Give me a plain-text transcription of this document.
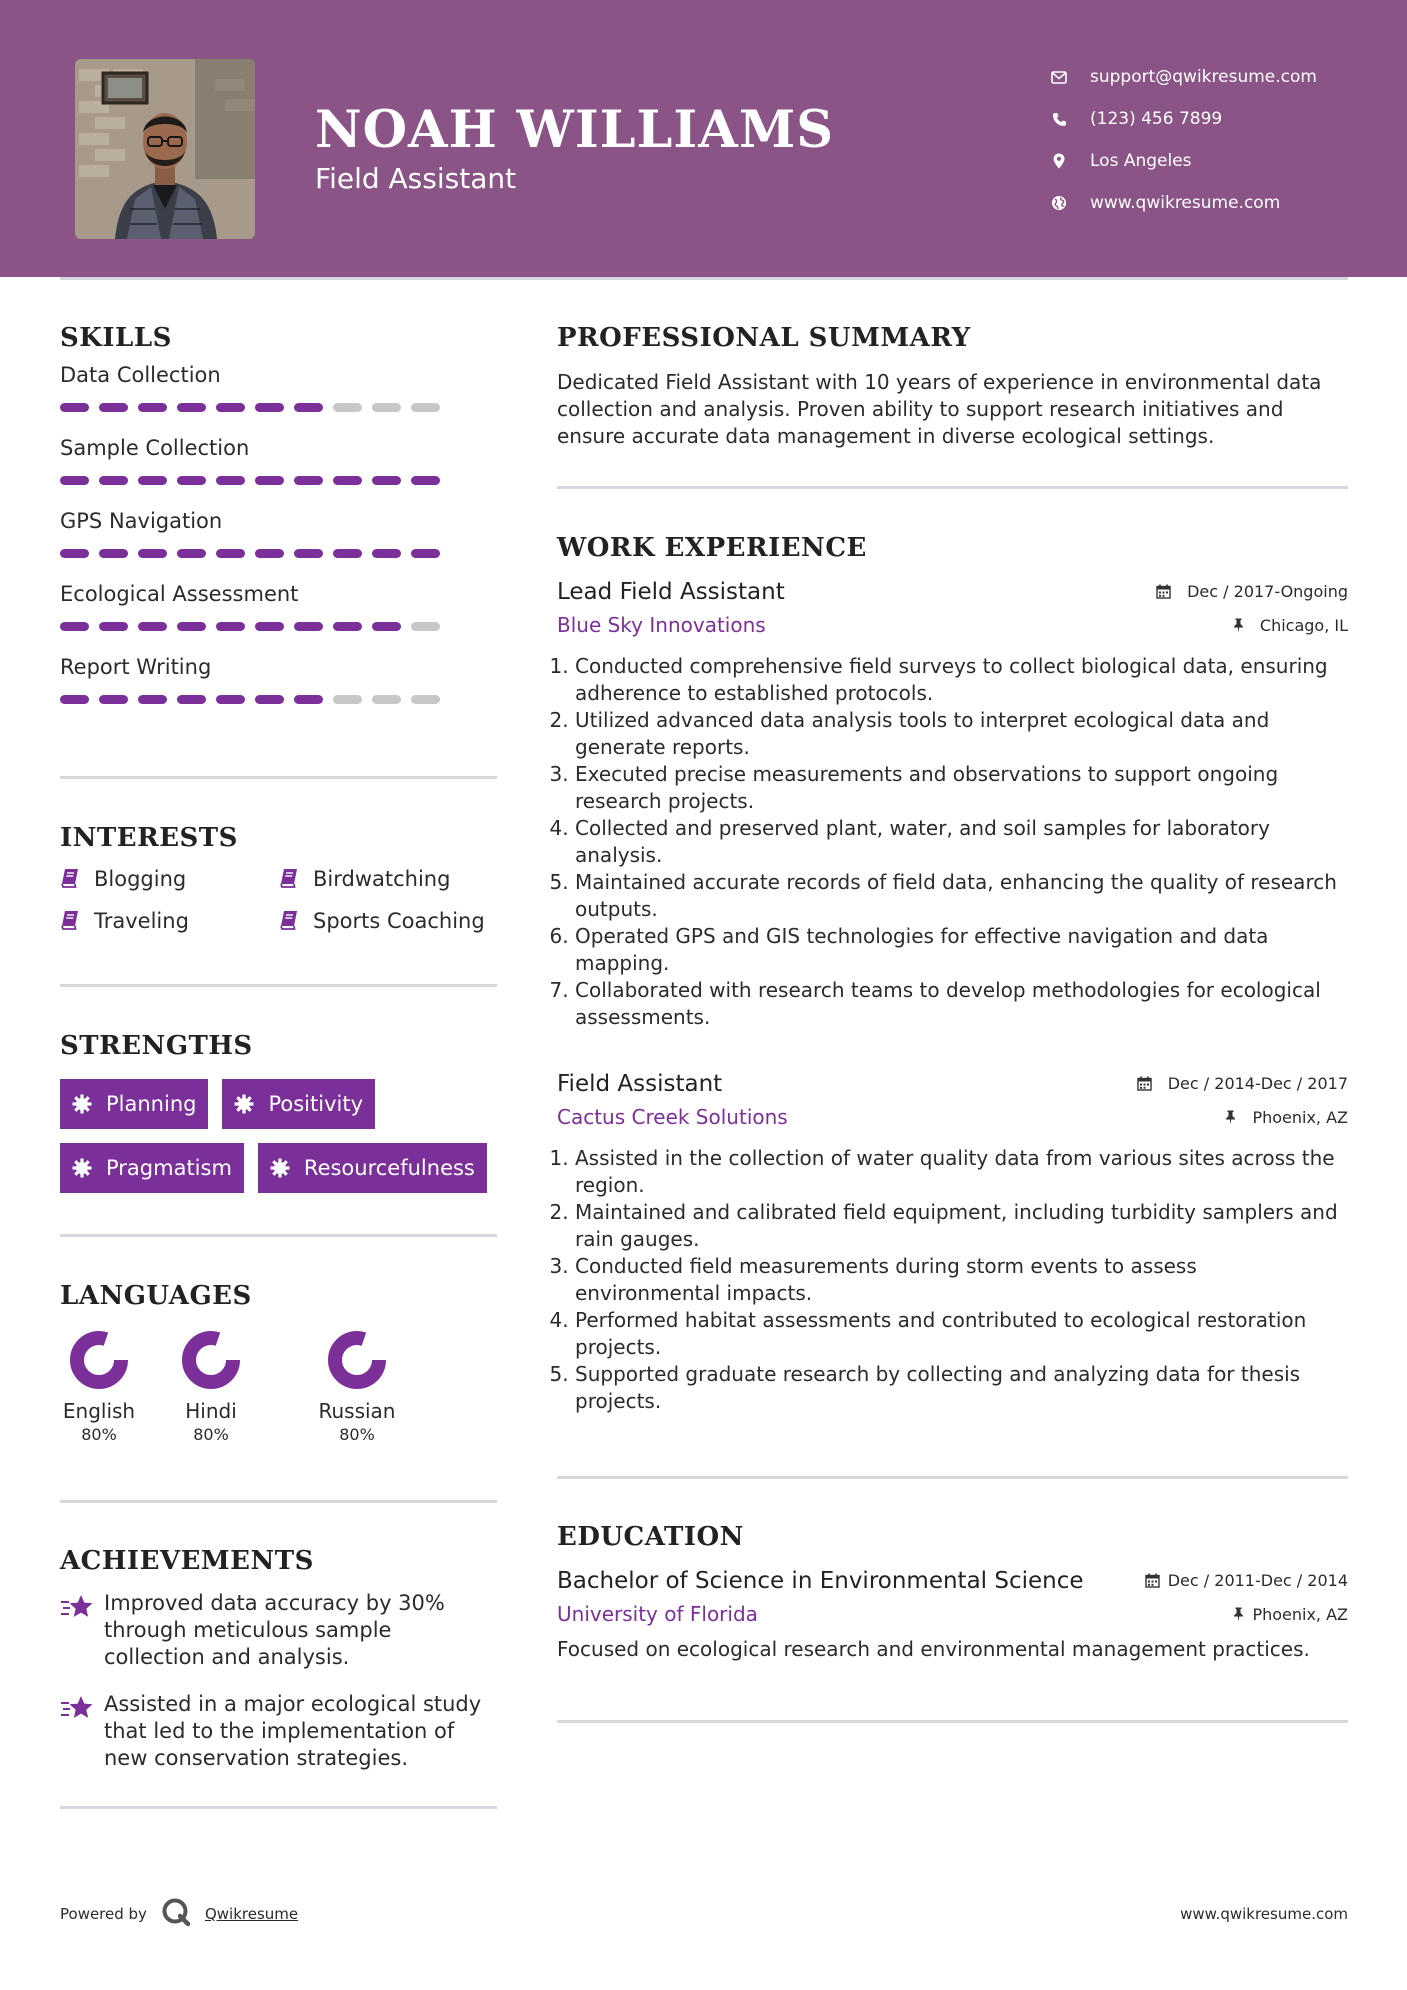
NOAH WILLIAMS
Field Assistant
support@qwikresume.com
(123) 456 7899
Los Angeles
www.qwikresume.com
SKILLS
Data Collection
Sample Collection
GPS Navigation
Ecological Assessment
Report Writing
INTERESTS
Blogging	Birdwatching
Traveling	Sports Coaching
STRENGTHS
Planning	Positivity
Pragmatism	Resourcefulness
LANGUAGES
English
80%
Hindi
80%
Russian
80%
ACHIEVEMENTS
Improved data accuracy by 30% through meticulous sample collection and analysis.
Assisted in a major ecological study that led to the implementation of new conservation strategies.
PROFESSIONAL SUMMARY
Dedicated Field Assistant with 10 years of experience in environmental data collection and analysis. Proven ability to support research initiatives and ensure accurate data management in diverse ecological settings.
WORK EXPERIENCE
Lead Field Assistant	Dec / 2017-Ongoing
Blue Sky Innovations	Chicago, IL
1. Conducted comprehensive field surveys to collect biological data, ensuring adherence to established protocols.
2. Utilized advanced data analysis tools to interpret ecological data and generate reports.
3. Executed precise measurements and observations to support ongoing research projects.
4. Collected and preserved plant, water, and soil samples for laboratory analysis.
5. Maintained accurate records of field data, enhancing the quality of research outputs.
6. Operated GPS and GIS technologies for effective navigation and data mapping.
7. Collaborated with research teams to develop methodologies for ecological assessments.
Field Assistant	Dec / 2014-Dec / 2017
Cactus Creek Solutions	Phoenix, AZ
1. Assisted in the collection of water quality data from various sites across the region.
2. Maintained and calibrated field equipment, including turbidity samplers and rain gauges.
3. Conducted field measurements during storm events to assess environmental impacts.
4. Performed habitat assessments and contributed to ecological restoration projects.
5. Supported graduate research by collecting and analyzing data for thesis projects.
EDUCATION
Bachelor of Science in Environmental Science	Dec / 2011-Dec / 2014
University of Florida	Phoenix, AZ
Focused on ecological research and environmental management practices.
Powered by	Qwikresume	www.qwikresume.com
